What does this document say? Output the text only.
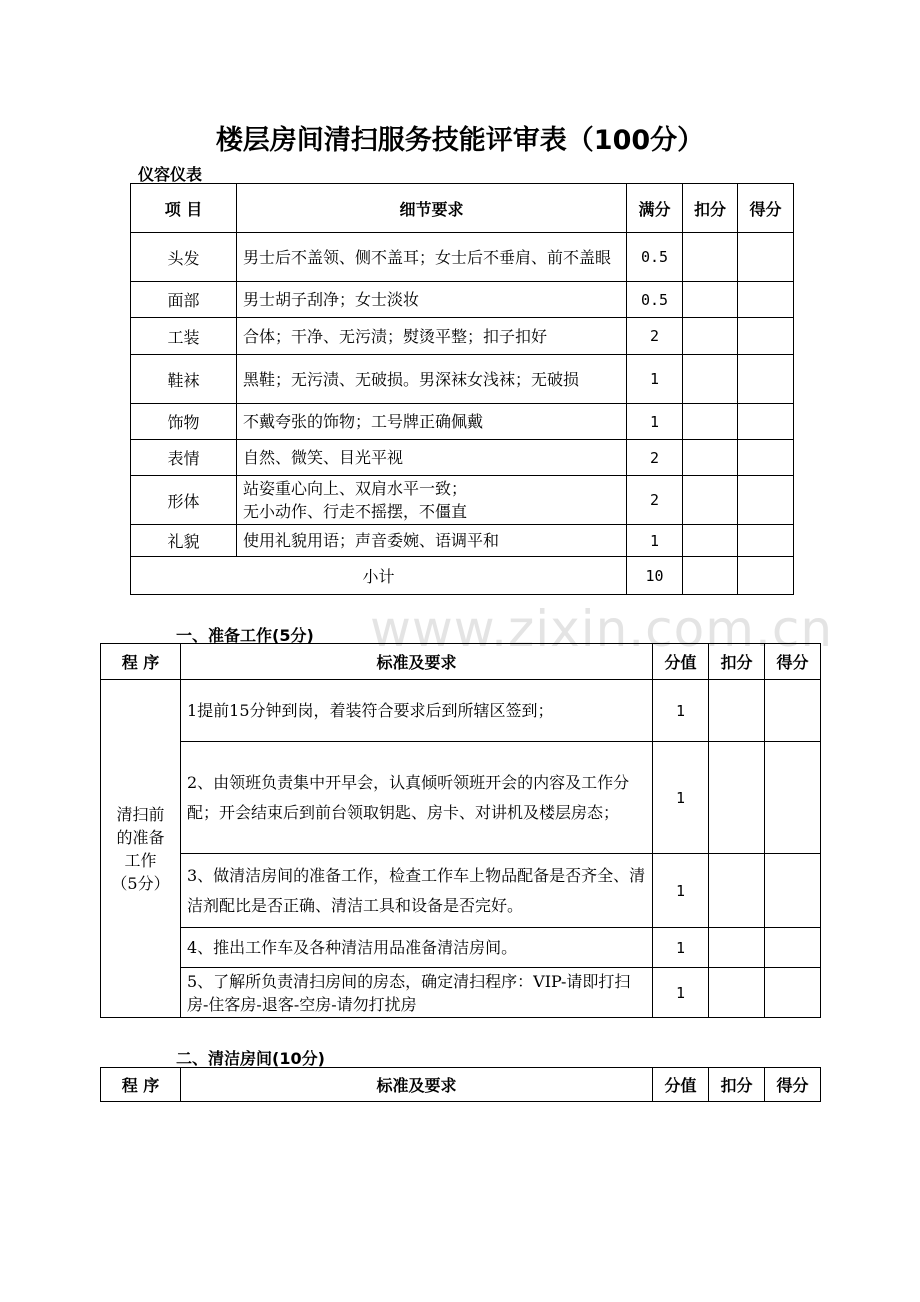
楼层房间清扫服务技能评审表（100分）
仪容仪表
项 目	细节要求	满分	扣分	得分
头发	男士后不盖领、侧不盖耳；女士后不垂肩、前不盖眼	0.5		
面部	男士胡子刮净；女士淡妆	0.5		
工装	合体；干净、无污渍；熨烫平整；扣子扣好	2		
鞋袜	黑鞋；无污渍、无破损。男深袜女浅袜；无破损	1		
饰物	不戴夸张的饰物；工号牌正确佩戴	1		
表情	自然、微笑、目光平视	2		
形体	站姿重心向上、双肩水平一致；
无小动作、行走不摇摆，不僵直	2		
礼貌	使用礼貌用语；声音委婉、语调平和	1		
小计		10		
www.zixin.com.cn
一、准备工作(5分)
程 序	标准及要求	分值	扣分	得分
清扫前
的准备
工作
（5分）	1提前15分钟到岗，着装符合要求后到所辖区签到；	1		
	2、由领班负责集中开早会，认真倾听领班开会的内容及工作分配；开会结束后到前台领取钥匙、房卡、对讲机及楼层房态；	1		
	3、做清洁房间的准备工作，检查工作车上物品配备是否齐全、清洁剂配比是否正确、清洁工具和设备是否完好。	1		
	4、推出工作车及各种清洁用品准备清洁房间。	1		
	5、了解所负责清扫房间的房态，确定清扫程序：VIP-请即打扫房-住客房-退客-空房-请勿打扰房	1		
二、清洁房间(10分)
程 序	标准及要求	分值	扣分	得分
